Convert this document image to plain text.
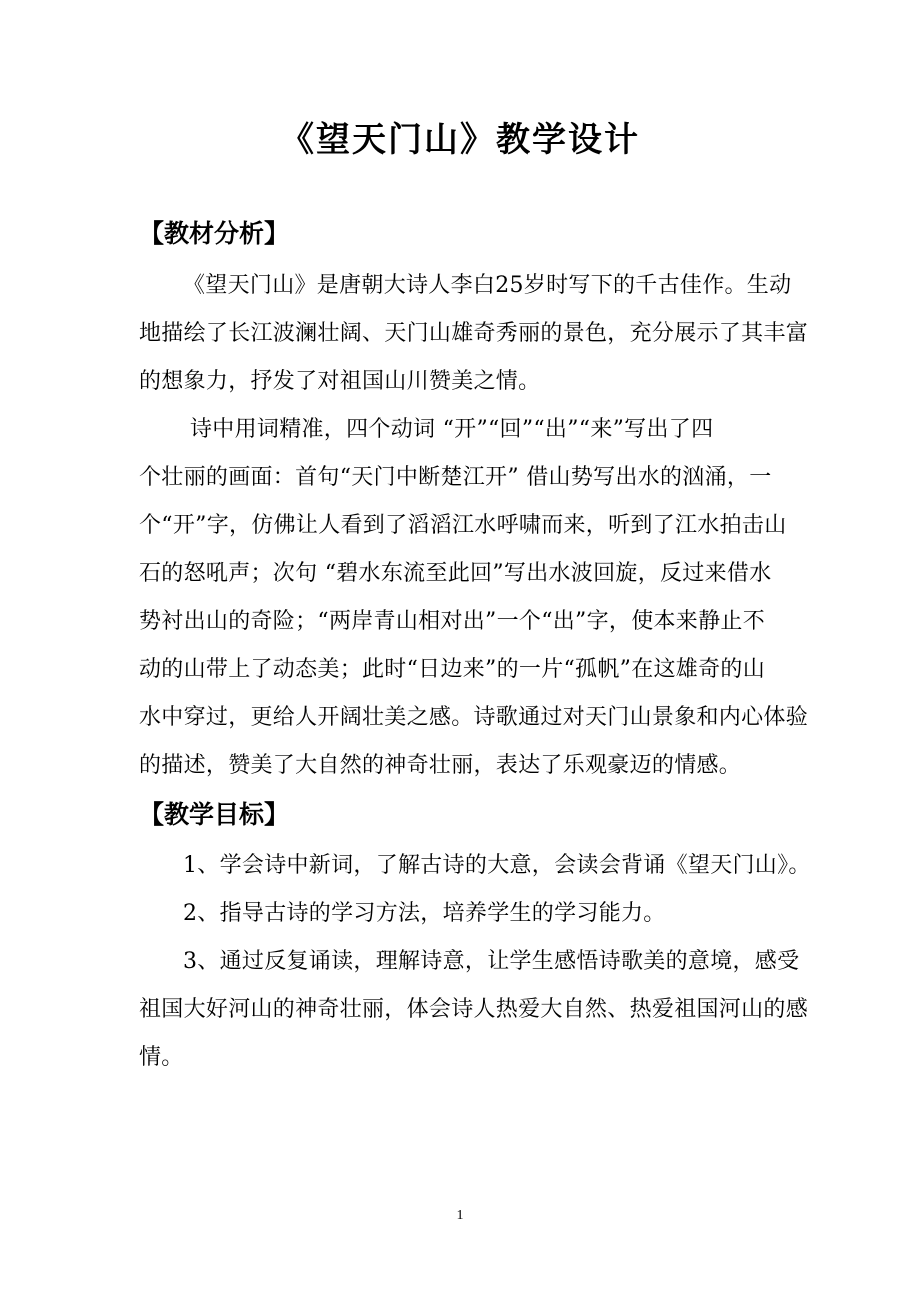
《望天门山》教学设计
【教材分析】
《望天门山》是唐朝大诗人李白25岁时写下的千古佳作。生动
地描绘了长江波澜壮阔、天门山雄奇秀丽的景色，充分展示了其丰富
的想象力，抒发了对祖国山川赞美之情。
诗中用词精准，四个动词 “开”“回”“出”“来”写出了四
个壮丽的画面：首句“天门中断楚江开” 借山势写出水的汹涌，一
个“开”字，仿佛让人看到了滔滔江水呼啸而来，听到了江水拍击山
石的怒吼声；次句 “碧水东流至此回”写出水波回旋，反过来借水
势衬出山的奇险；“两岸青山相对出”一个“出”字，使本来静止不
动的山带上了动态美；此时“日边来”的一片“孤帆”在这雄奇的山
水中穿过，更给人开阔壮美之感。诗歌通过对天门山景象和内心体验
的描述，赞美了大自然的神奇壮丽，表达了乐观豪迈的情感。
【教学目标】
1、学会诗中新词，了解古诗的大意，会读会背诵《望天门山》。
2、指导古诗的学习方法，培养学生的学习能力。
3、通过反复诵读，理解诗意，让学生感悟诗歌美的意境，感受
祖国大好河山的神奇壮丽，体会诗人热爱大自然、热爱祖国河山的感
情。
1
